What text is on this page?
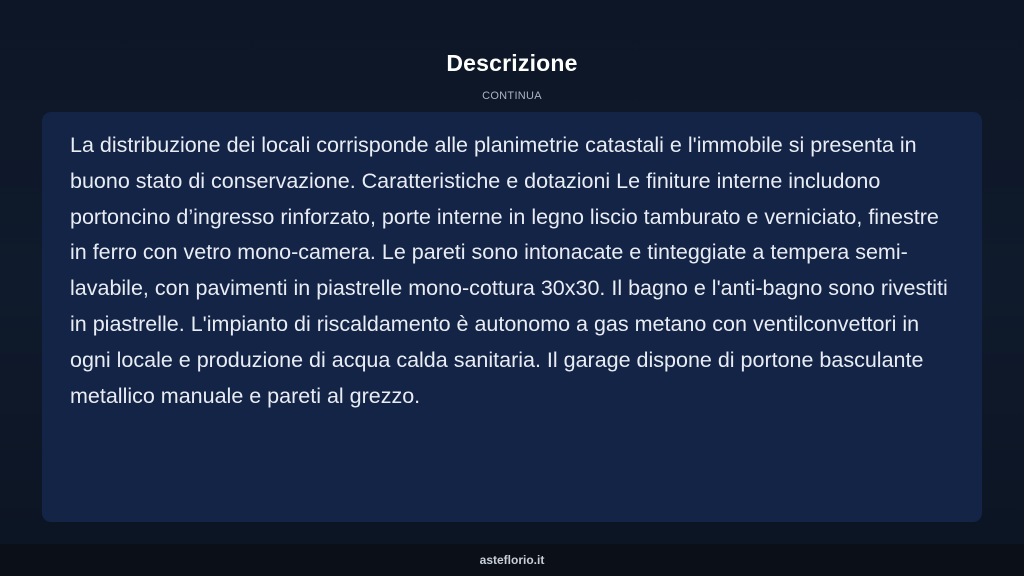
Descrizione
CONTINUA

La distribuzione dei locali corrisponde alle planimetrie catastali e l'immobile si presenta in buono stato di conservazione. Caratteristiche e dotazioni Le finiture interne includono portoncino d’ingresso rinforzato, porte interne in legno liscio tamburato e verniciato, finestre in ferro con vetro mono-camera. Le pareti sono intonacate e tinteggiate a tempera semi-lavabile, con pavimenti in piastrelle mono-cottura 30x30. Il bagno e l'anti-bagno sono rivestiti in piastrelle. L'impianto di riscaldamento è autonomo a gas metano con ventilconvettori in ogni locale e produzione di acqua calda sanitaria. Il garage dispone di portone basculante metallico manuale e pareti al grezzo.

asteflorio.it
